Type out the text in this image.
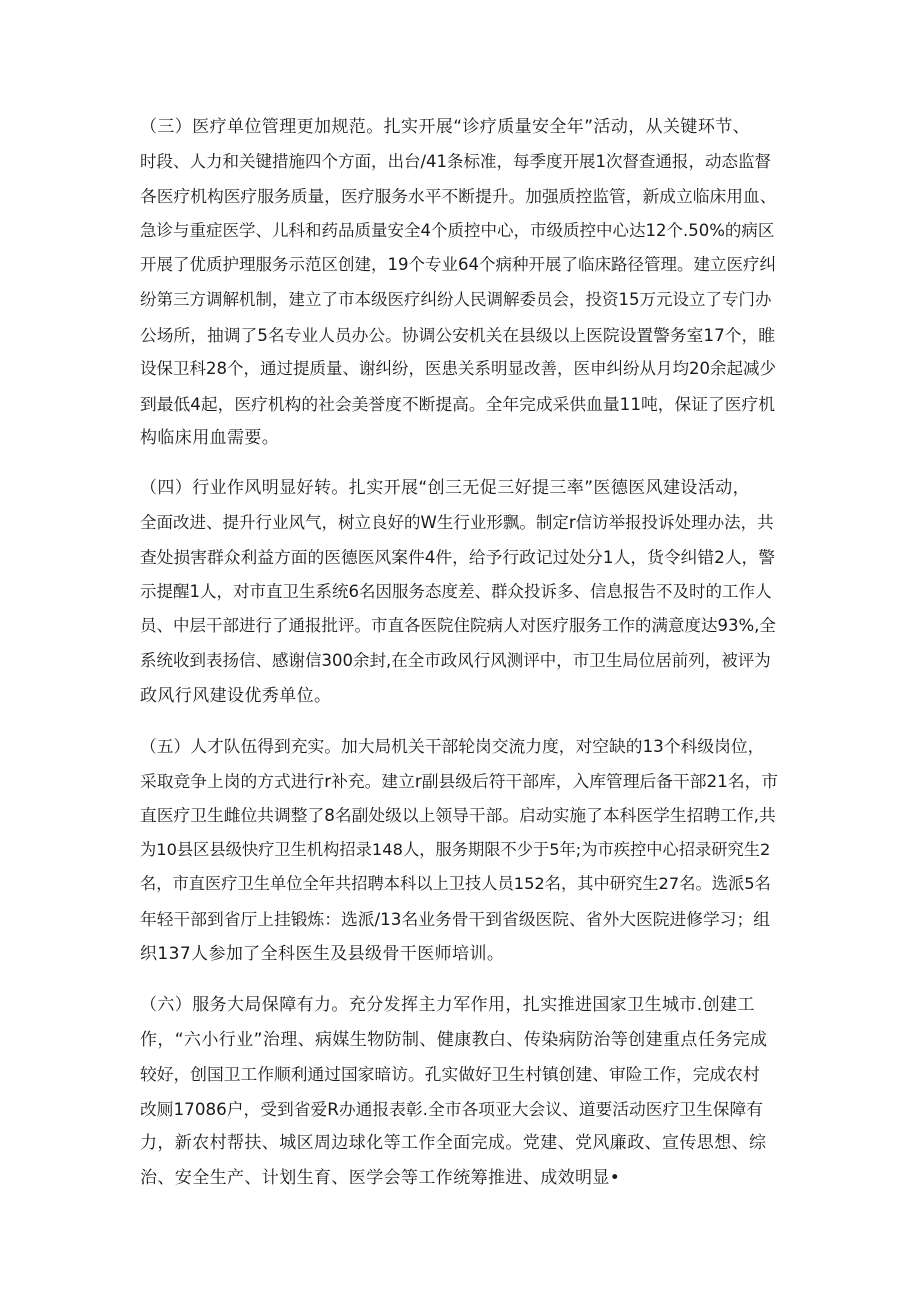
（三）医疗单位管理更加规范。扎实开展“诊疗质量安全年”活动，从关键环节、
时段、人力和关键措施四个方面，出台/41条标准，每季度开展1次督查通报，动态监督
各医疗机构医疗服务质量，医疗服务水平不断提升。加强质控监管，新成立临床用血、
急诊与重症医学、儿科和药品质量安全4个质控中心，市级质控中心达12个.50%的病区
开展了优质护理服务示范区创建，19个专业64个病种开展了临床路径管理。建立医疗纠
纷第三方调解机制，建立了市本级医疗纠纷人民调解委员会，投资15万元设立了专门办
公场所，抽调了5名专业人员办公。协调公安机关在县级以上医院设置警务室17个，睢
设保卫科28个，通过提质量、谢纠纷，医患关系明显改善，医申纠纷从月均20余起减少
到最低4起，医疗机构的社会美誉度不断提高。全年完成采供血量11吨，保证了医疗机
构临床用血需要。
（四）行业作风明显好转。扎实开展“创三无促三好提三率”医德医风建设活动，
全面改进、提升行业风气，树立良好的W生行业形飘。制定r信访举报投诉处理办法，共
查处损害群众利益方面的医德医风案件4件，给予行政记过处分1人，货令纠错2人，警
示提醒1人，对市直卫生系统6名因服务态度差、群众投诉多、信息报告不及时的工作人
员、中层干部进行了通报批评。市直各医院住院病人对医疗服务工作的满意度达93%,全
系统收到表扬信、感谢信300余封,在全市政风行风测评中，市卫生局位居前列，被评为
政风行风建设优秀单位。
（五）人才队伍得到充实。加大局机关干部轮岗交流力度，对空缺的13个科级岗位，
采取竞争上岗的方式进行r补充。建立r副县级后符干部库，入库管理后备干部21名，市
直医疗卫生雌位共调整了8名副处级以上领导干部。启动实施了本科医学生招聘工作,共
为10县区县级快疗卫生机构招录148人，服务期限不少于5年;为市疾控中心招录研究生2
名，市直医疗卫生单位全年共招聘本科以上卫技人员152名，其中研究生27名。选派5名
年轻干部到省厅上挂锻炼：选派/13名业务骨干到省级医院、省外大医院进修学习；组
织137人参加了全科医生及县级骨干医师培训。
（六）服务大局保障有力。充分发挥主力军作用，扎实推进国家卫生城市.创建工
作，“六小行业”治理、病媒生物防制、健康教白、传染病防治等创建重点任务完成
较好，创国卫工作顺利通过国家暗访。孔实做好卫生村镇创建、审险工作，完成农村
改厕17086户，受到省爱R办通报表彰.全市各项亚大会议、道要活动医疗卫生保障有
力，新农村帮扶、城区周边球化等工作全面完成。党建、党风廉政、宣传思想、综
治、安全生产、计划生育、医学会等工作统筹推进、成效明显•
